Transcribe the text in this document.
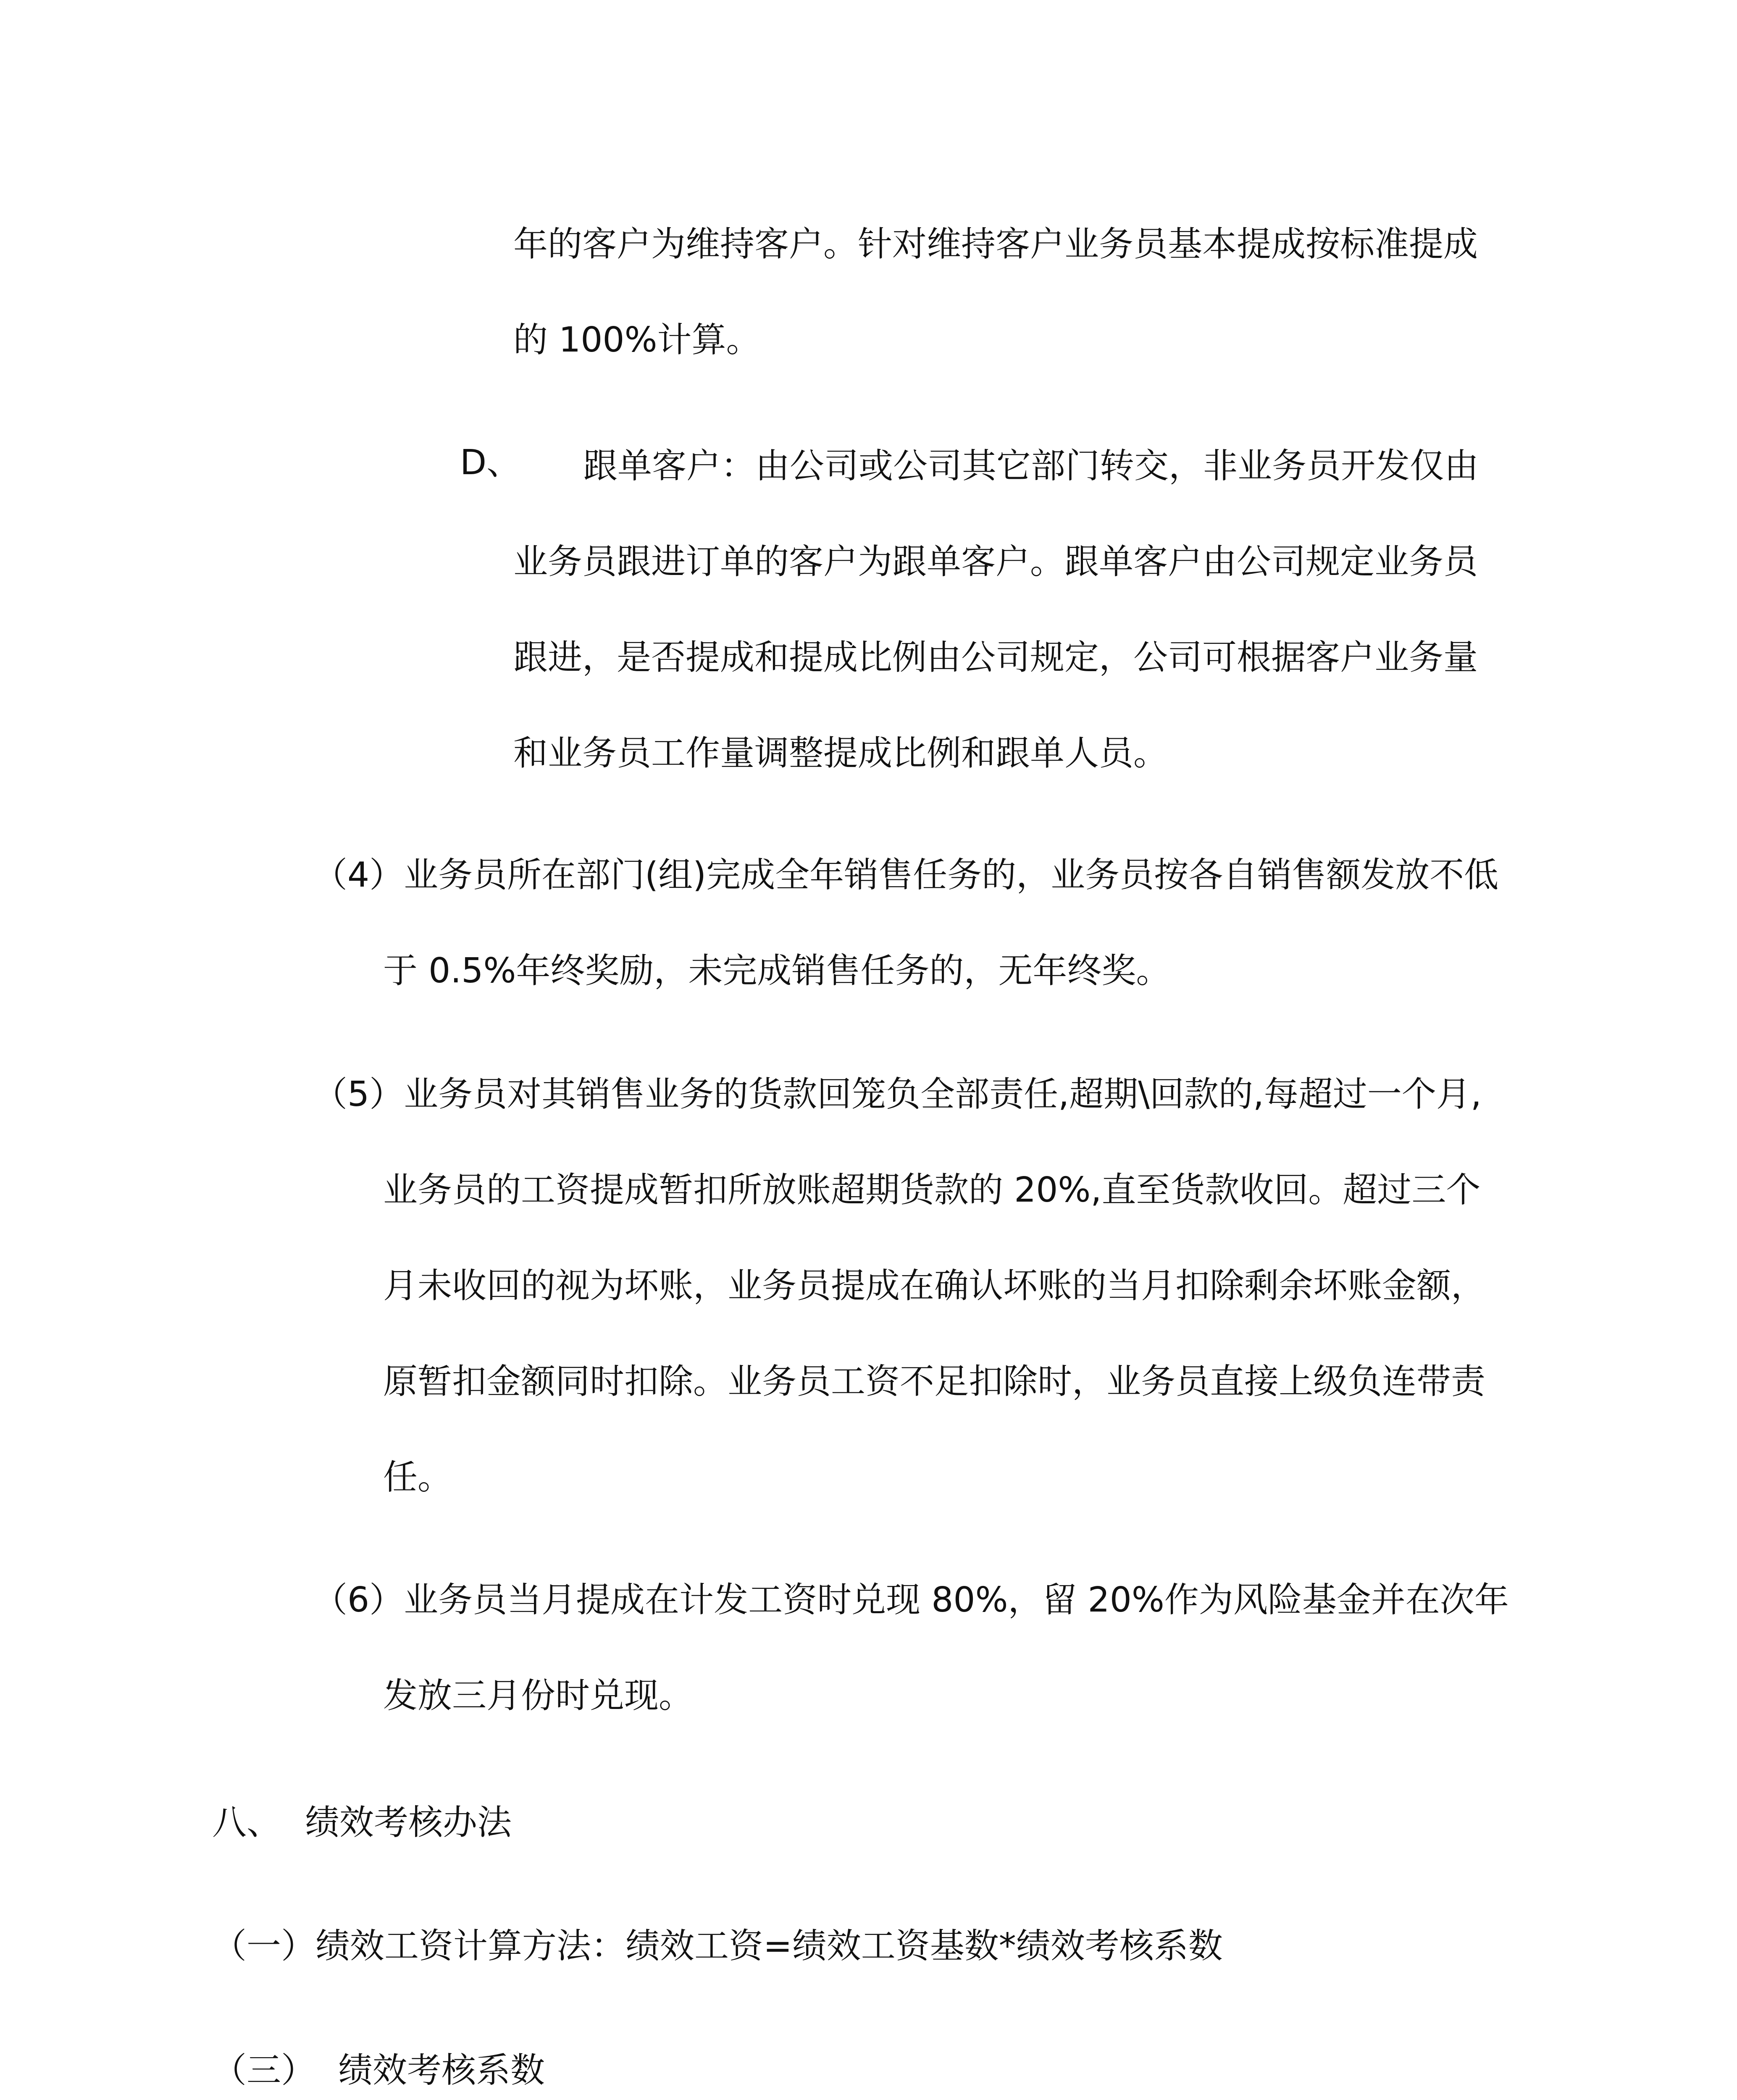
年的客户为维持客户。针对维持客户业务员基本提成按标准提成
的 100%计算。
D、 跟单客户：由公司或公司其它部门转交，非业务员开发仅由
业务员跟进订单的客户为跟单客户。跟单客户由公司规定业务员
跟进，是否提成和提成比例由公司规定，公司可根据客户业务量
和业务员工作量调整提成比例和跟单人员。
（4）业务员所在部门(组)完成全年销售任务的，业务员按各自销售额发放不低
于 0.5%年终奖励，未完成销售任务的，无年终奖。
（5）业务员对其销售业务的货款回笼负全部责任,超期\回款的,每超过一个月,
业务员的工资提成暂扣所放账超期货款的 20%,直至货款收回。超过三个
月未收回的视为坏账，业务员提成在确认坏账的当月扣除剩余坏账金额，
原暂扣金额同时扣除。业务员工资不足扣除时，业务员直接上级负连带责
任。
（6）业务员当月提成在计发工资时兑现 80%，留 20%作为风险基金并在次年
发放三月份时兑现。
八、 绩效考核办法
（一）绩效工资计算方法：绩效工资=绩效工资基数*绩效考核系数
（三） 绩效考核系数
